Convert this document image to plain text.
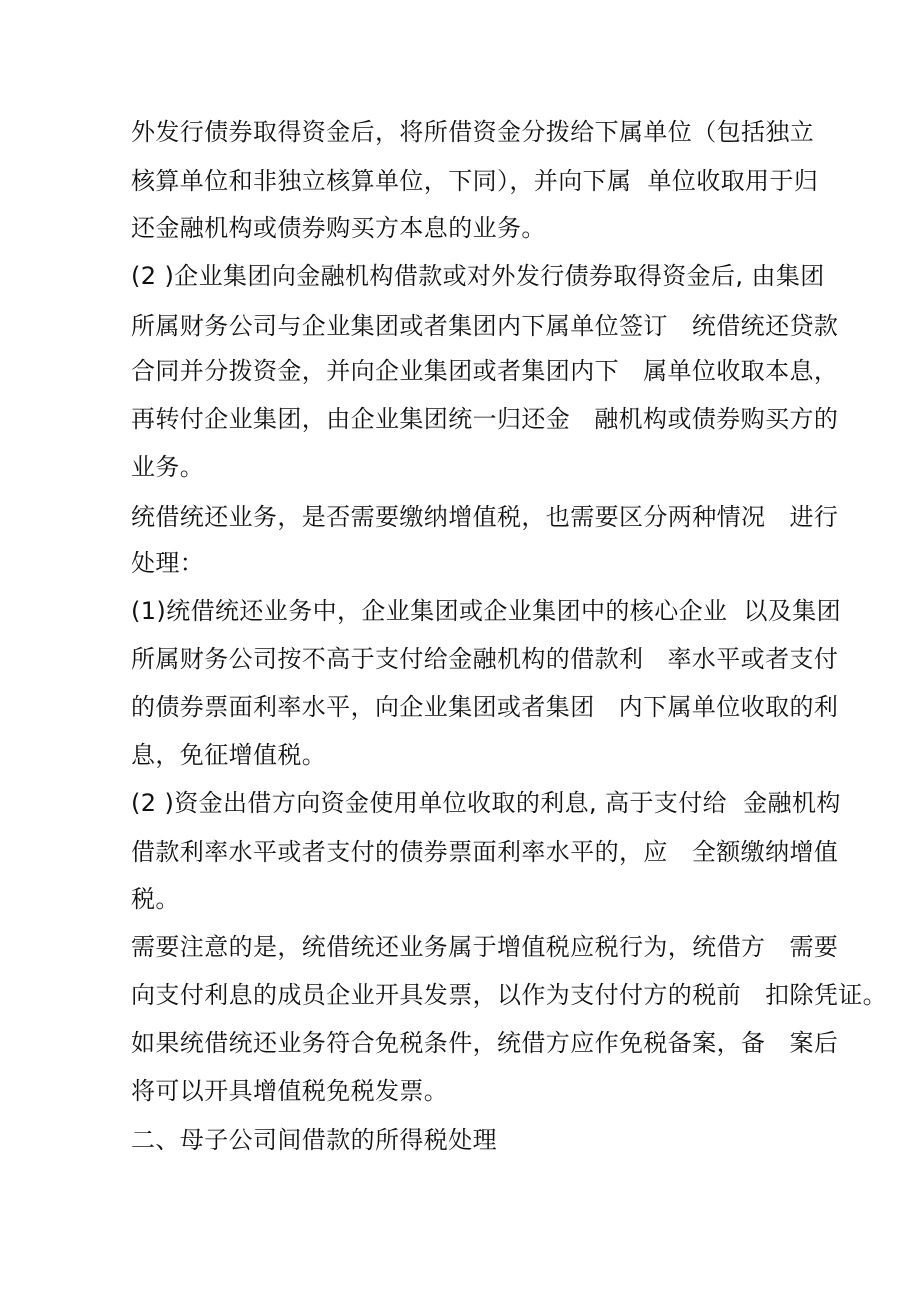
外发行债券取得资金后，将所借资金分拨给下属单位（包括独立
核算单位和非独立核算单位，下同），并向下属  单位收取用于归
还金融机构或债券购买方本息的业务。
(2 )企业集团向金融机构借款或对外发行债券取得资金后, 由集团
所属财务公司与企业集团或者集团内下属单位签订   统借统还贷款
合同并分拨资金，并向企业集团或者集团内下   属单位收取本息，
再转付企业集团，由企业集团统一归还金   融机构或债券购买方的
业务。
统借统还业务，是否需要缴纳增值税，也需要区分两种情况   进行
处理：
(1)统借统还业务中，企业集团或企业集团中的核心企业  以及集团
所属财务公司按不高于支付给金融机构的借款利   率水平或者支付
的债券票面利率水平，向企业集团或者集团   内下属单位收取的利
息，免征增值税。
(2 )资金出借方向资金使用单位收取的利息, 高于支付给  金融机构
借款利率水平或者支付的债券票面利率水平的，应   全额缴纳增值
税。
需要注意的是，统借统还业务属于增值税应税行为，统借方   需要
向支付利息的成员企业开具发票，以作为支付付方的税前   扣除凭证。
如果统借统还业务符合免税条件，统借方应作免税备案，备   案后
将可以开具增值税免税发票。
二、母子公司间借款的所得税处理
